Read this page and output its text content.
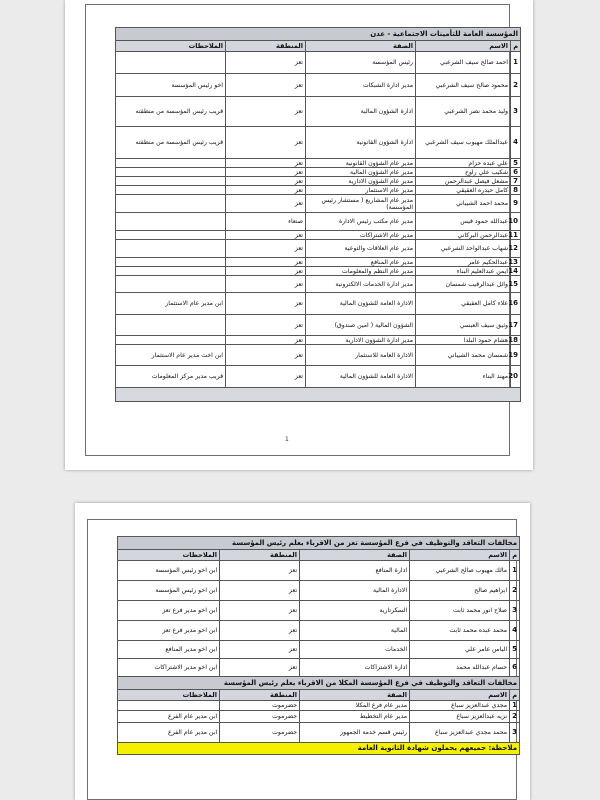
المؤسسة العامة للتأمينات الاجتماعية - عدن				
م	الاسم	الصفة	المنطقة	الملاحظات
1	احمد صالح سيف الشرعبي	رئيس المؤسسة	تعز	
2	محمود صالح سيف الشرعبي	مدير ادارة الشبكات	تعز	اخو رئيس المؤسسة
3	وليد محمد نصر الشرعبي	ادارة الشؤون المالية	تعز	قريب رئيس المؤسسة من منطقته
4	عبدالملك مهيوب سيف الشرعبي	ادارة الشؤون القانونية	تعز	قريب رئيس المؤسسة من منطقته
5	علي عبده حزام	مدير عام الشؤون القانونية	تعز	
6	شكيب علي راوح	مدير عام الشؤون المالية	تعز	
7	مشعل فيصل عبدالرحمن	مدير عام الشؤون الادارية	تعز	
8	كامل حيدره العقيقي	مدير عام الاستثمار	تعز	
9	محمد احمد الشيباني	مدير عام المشاريع ( مستشار رئيس المؤسسة)	تعز	
10	عبدالله حمود قيس	مدير عام مكتب رئيس الادارة	صنعاء	
11	عبدالرحمن البركاني	مدير عام الاشتراكات	تعز	
12	شهاب عبدالواحد الشرعبي	مدير عام العلاقات والتوعية	تعز	
13	عبدالحكيم عامر	مدير عام المنافع	تعز	
14	ايمن عبدالعليم البناء	مدير عام النظم والمعلومات	تعز	
15	وائل عبدالرقيب شمسان	مدير ادارة الخدمات الالكترونية	تعز	
16	علاء كامل العقيقي	الادارة العامة للشؤون المالية	تعز	ابن مدير عام الاستثمار
17	وثيق سيف العبسي	الشؤون المالية ( امين صندوق)	تعز	
18	هشام حمود البلدا	مدير ادارة الشؤون الادارية	تعز	
19	شمسان محمد الشيباني	الادارة العامة للاستثمار	تعز	ابن اخت مدير عام الاستثمار
20	مهند البناء	الادارة العامة للشؤون المالية	تعز	قريب مدير مركز المعلومات

1
مخالفات التعاقد والتوظيف في فرع المؤسسة تعز من الاقرباء بعلم رئيس المؤسسة				
م	الاسم	الصفة	المنطقة	الملاحظات
1	مالك مهيوب صالح الشرعبي	ادارة المنافع	تعز	ابن اخو رئيس المؤسسة
2	ابراهيم صالح	الادارة المالية	تعز	ابن اخو رئيس المؤسسة
3	صلاح انور محمد ثابت	السكرتارية	تعز	ابن اخو مدير فرع تعز
4	محمد عبده محمد ثابت	المالية	تعز	ابن اخو مدير فرع تعز
5	الياس عامر علي	الخدمات	تعز	ابن اخو مدير المنافع
6	حسام عبدالله محمد	ادارة الاشتراكات	تعز	ابن اخو مدير الاشتراكات
مخالفات التعاقد والتوظيف في فرع المؤسسة المكلا من الاقرباء بعلم رئيس المؤسسة				
م	الاسم	الصفة	المنطقة	الملاحظات
1	مجدي عبدالعزيز سباع	مدير عام فرع المكلا	حضرموت	
2	نزيه عبدالعزيز سباع	مدير عام التخطيط	حضرموت	ابن مدير عام الفرع
3	محمد مجدي عبدالعزيز سباع	رئيس قسم خدمة الجمهور	حضرموت	ابن مدير عام الفرع
ملاحظة: جميعهم يحملون شهادة الثانوية العامة				
